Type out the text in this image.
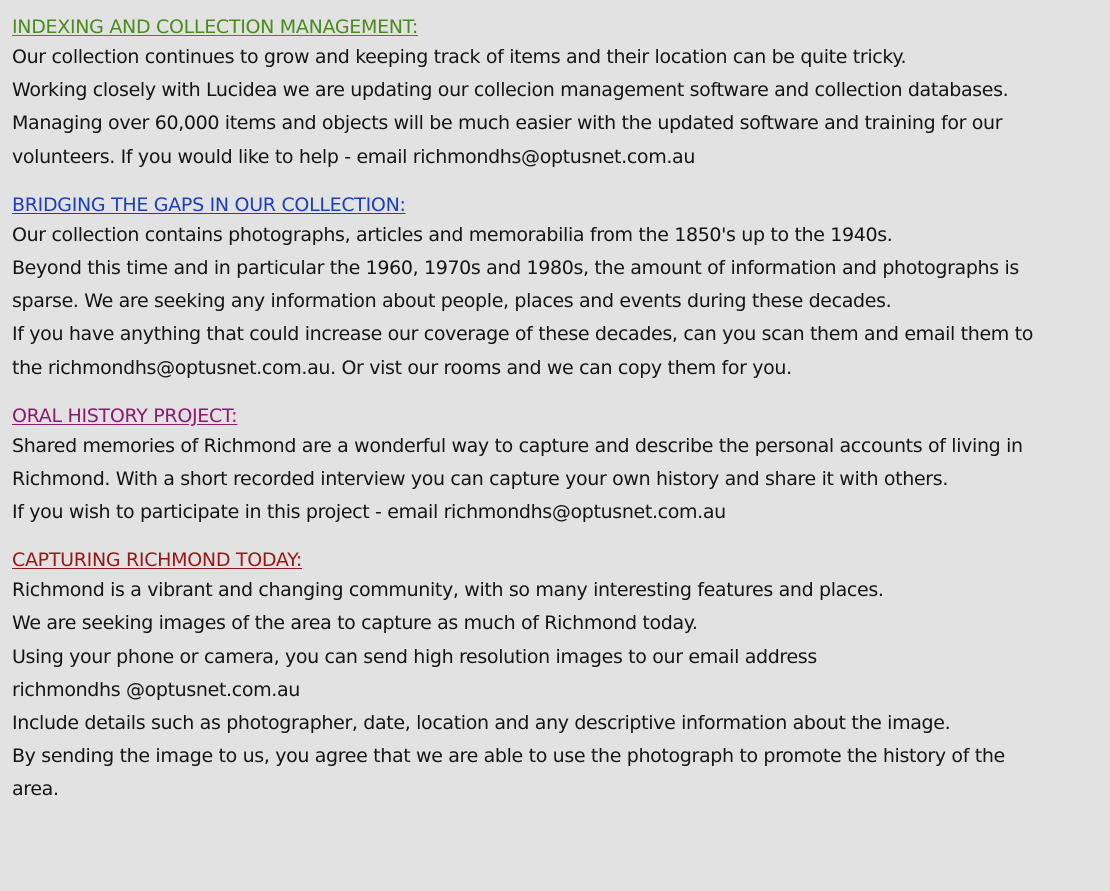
INDEXING AND COLLECTION MANAGEMENT:
Our collection continues to grow and keeping track of items and their location can be quite tricky.
Working closely with Lucidea we are updating our collecion management software and collection databases.
Managing over 60,000 items and objects will be much easier with the updated software and training for our
volunteers. If you would like to help - email richmondhs@optusnet.com.au
BRIDGING THE GAPS IN OUR COLLECTION:
Our collection contains photographs, articles and memorabilia from the 1850's up to the 1940s.
Beyond this time and in particular the 1960, 1970s and 1980s, the amount of information and photographs is
sparse. We are seeking any information about people, places and events during these decades.
If you have anything that could increase our coverage of these decades, can you scan them and email them to
the richmondhs@optusnet.com.au. Or vist our rooms and we can copy them for you.
ORAL HISTORY PROJECT:
Shared memories of Richmond are a wonderful way to capture and describe the personal accounts of living in
Richmond. With a short recorded interview you can capture your own history and share it with others.
If you wish to participate in this project - email richmondhs@optusnet.com.au
CAPTURING RICHMOND TODAY:
Richmond is a vibrant and changing community, with so many interesting features and places.
We are seeking images of the area to capture as much of Richmond today.
Using your phone or camera, you can send high resolution images to our email address
richmondhs @optusnet.com.au
Include details such as photographer, date, location and any descriptive information about the image.
By sending the image to us, you agree that we are able to use the photograph to promote the history of the
area.
